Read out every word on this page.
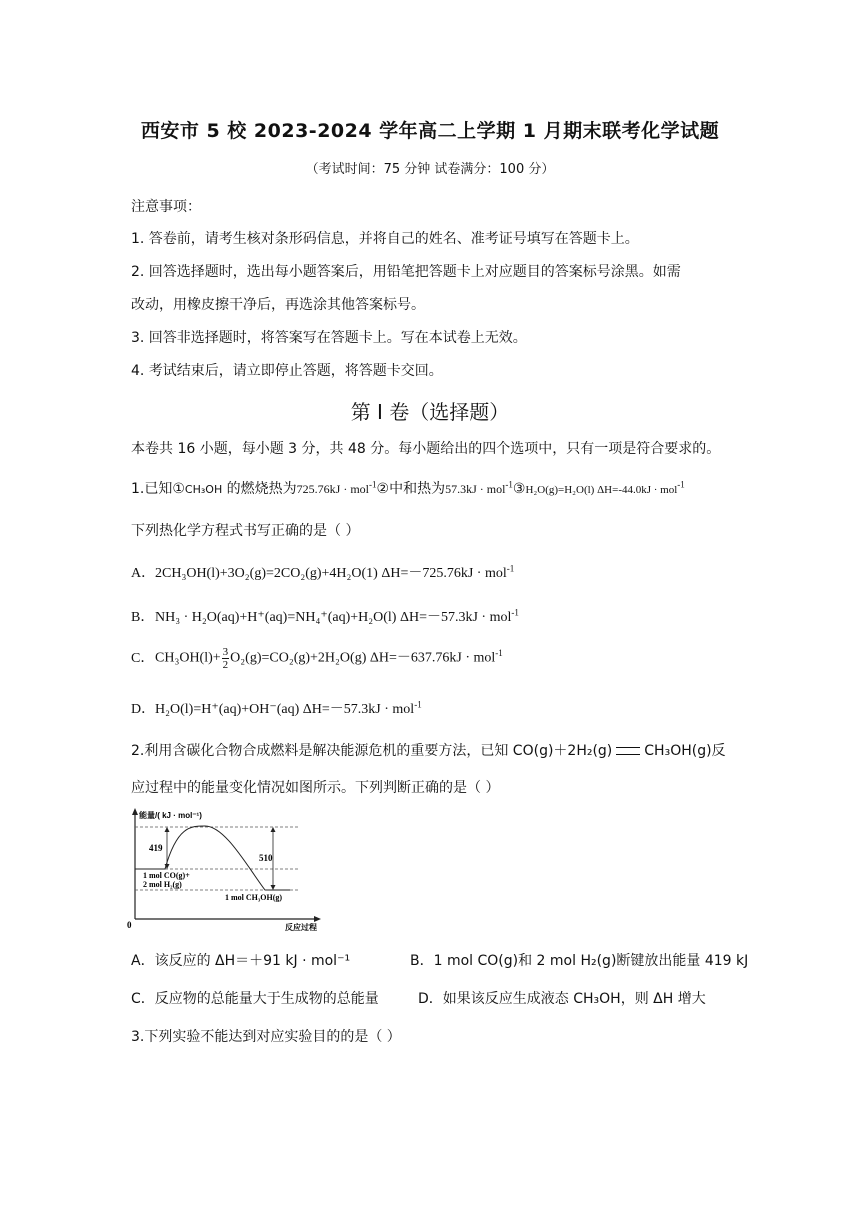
西安市 5 校 2023-2024 学年高二上学期 1 月期末联考化学试题
（考试时间：75 分钟 试卷满分：100 分）
注意事项：
1. 答卷前，请考生核对条形码信息，并将自己的姓名、准考证号填写在答题卡上。
2. 回答选择题时，选出每小题答案后，用铅笔把答题卡上对应题目的答案标号涂黑。如需
改动，用橡皮擦干净后，再选涂其他答案标号。
3. 回答非选择题时，将答案写在答题卡上。写在本试卷上无效。
4. 考试结束后，请立即停止答题，将答题卡交回。
第 I 卷（选择题）
本卷共 16 小题，每小题 3 分，共 48 分。每小题给出的四个选项中，只有一项是符合要求的。
1.已知①CH₃OH 的燃烧热为725.76kJ · mol$^{-1}$②中和热为57.3kJ · mol$^{-1}$③H₂O(g)=H₂O(l) ΔH=-44.0kJ · mol$^{-1}$
下列热化学方程式书写正确的是（ ）
A．2CH₃OH(l)+3O₂(g)=2CO₂(g)+4H₂O(1) ΔH=－725.76kJ · mol$^{-1}$
B．NH₃ · H₂O(aq)+H⁺(aq)=NH₄⁺(aq)+H₂O(l) ΔH=－57.3kJ · mol$^{-1}$
C．$CH_3OH(l)+ \frac{3}{2} O_2(g)=CO_2(g)+2H_2O(g) \Delta H=-637.76kJ \cdot mol^{-1}$
D．H₂O(l)=H⁺(aq)+OH⁻(aq) ΔH=－57.3kJ · mol$^{-1}$
2.利用含碳化合物合成燃料是解决能源危机的重要方法，已知 CO(g)＋2H₂(g) CH₃OH(g)反
应过程中的能量变化情况如图所示。下列判断正确的是（ ）
419
510
能量/( kJ · mol⁻¹)
1 mol CO(g)+
2 mol H₂(g)
1 mol CH₃OH(g)
0	反应过程
A．该反应的 ΔH＝＋91 kJ · mol⁻¹	B．1 mol CO(g)和 2 mol H₂(g)断键放出能量 419 kJ
C．反应物的总能量大于生成物的总能量	D．如果该反应生成液态 CH₃OH，则 ΔH 增大
3.下列实验不能达到对应实验目的的是（ ）
